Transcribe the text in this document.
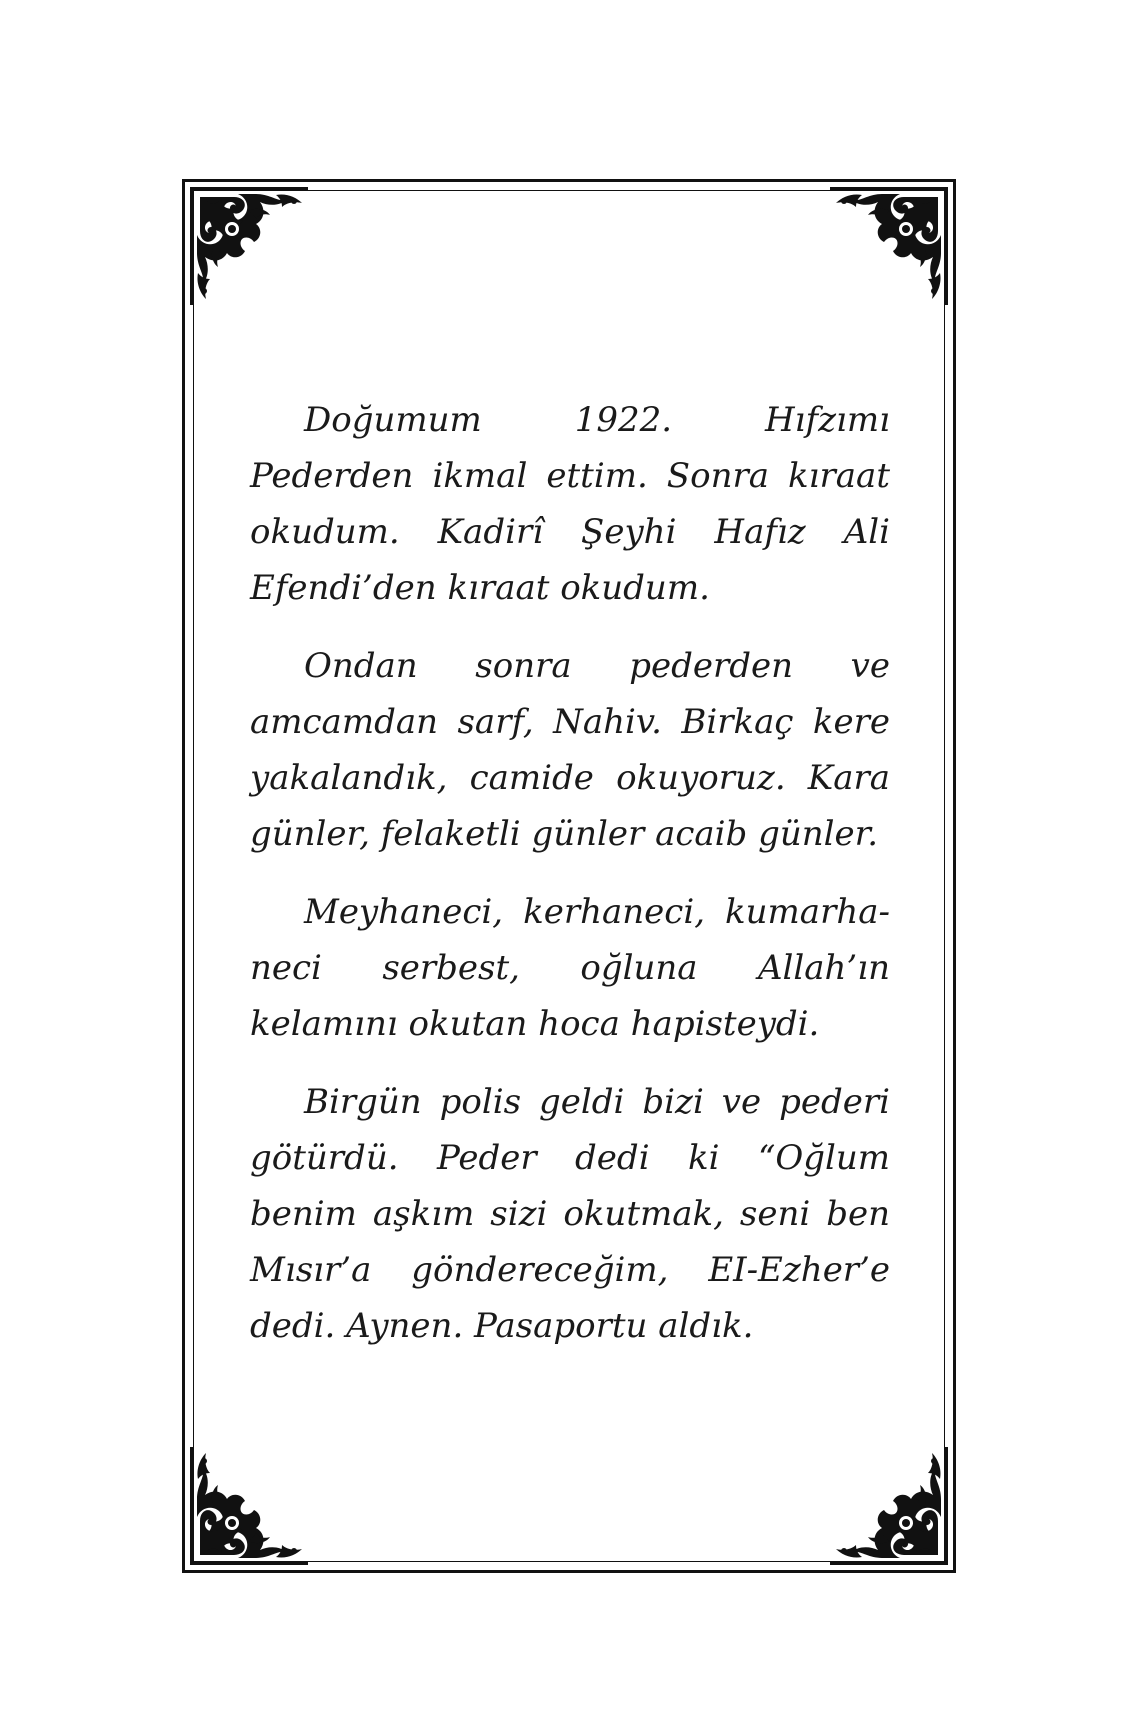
Doğumum 1922. Hıfzımı Pederden ikmal ettim. Sonra kıraat okudum. Kadirî Şeyhi Hafız Ali Efendi’den kıraat okudum.

Ondan sonra pederden ve amcamdan sarf, Nahiv. Birkaç kere yakalandık, camide okuyoruz. Kara günler, felaketli günler acaib günler.

Meyhaneci, kerhaneci, kumarhaneci serbest, oğluna Allah’ın kelamını okutan hoca hapisteydi.

Birgün polis geldi bizi ve pederi götürdü. Peder dedi ki “Oğlum benim aşkım sizi okutmak, seni ben Mısır’a göndereceğim, EI-Ezher’e dedi. Aynen. Pasaportu aldık.
